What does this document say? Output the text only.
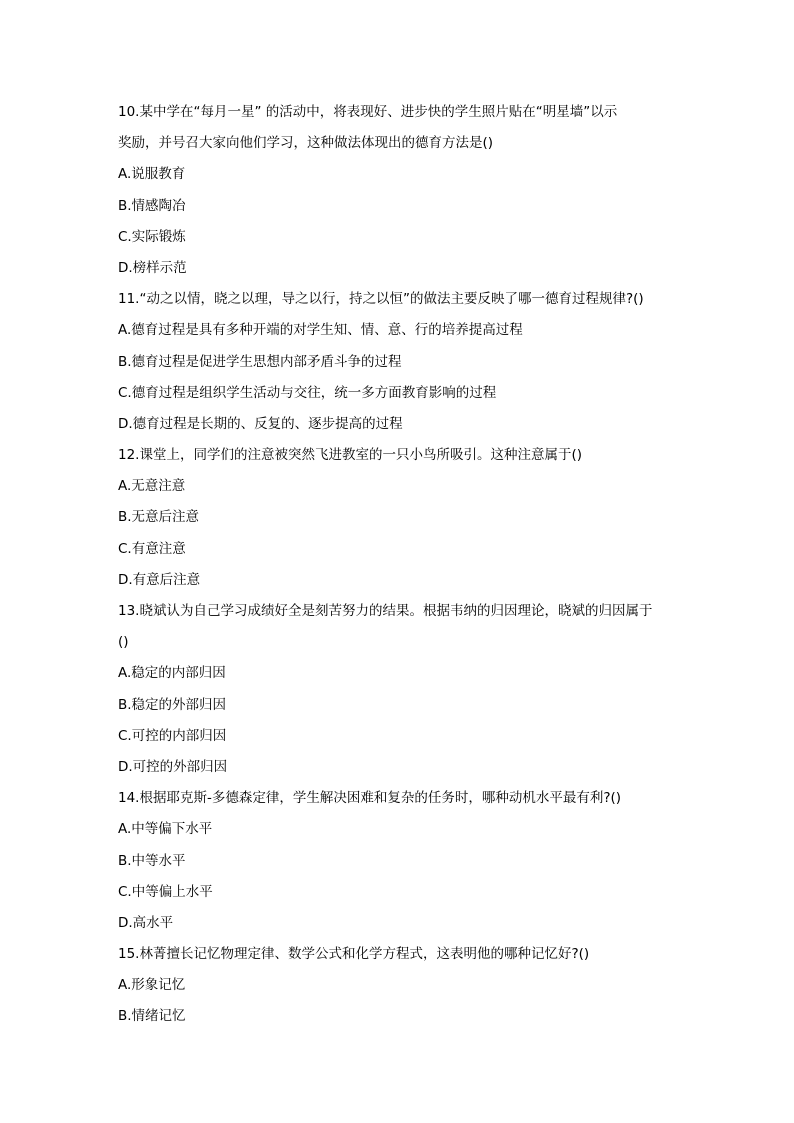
10.某中学在“每月一星” 的活动中，将表现好、进步快的学生照片贴在“明星墙”以示
奖励，并号召大家向他们学习，这种做法体现出的德育方法是()
A.说服教育
B.情感陶冶
C.实际锻炼
D.榜样示范
11.“动之以情，晓之以理，导之以行，持之以恒”的做法主要反映了哪一德育过程规律?()
A.德育过程是具有多种开端的对学生知、情、意、行的培养提高过程
B.德育过程是促进学生思想内部矛盾斗争的过程
C.德育过程是组织学生活动与交往，统一多方面教育影响的过程
D.德育过程是长期的、反复的、逐步提高的过程
12.课堂上，同学们的注意被突然飞进教室的一只小鸟所吸引。这种注意属于()
A.无意注意
B.无意后注意
C.有意注意
D.有意后注意
13.晓斌认为自己学习成绩好全是刻苦努力的结果。根据韦纳的归因理论，晓斌的归因属于
()
A.稳定的内部归因
B.稳定的外部归因
C.可控的内部归因
D.可控的外部归因
14.根据耶克斯-多德森定律，学生解决困难和复杂的任务时，哪种动机水平最有利?()
A.中等偏下水平
B.中等水平
C.中等偏上水平
D.高水平
15.林菁擅长记忆物理定律、数学公式和化学方程式，这表明他的哪种记忆好?()
A.形象记忆
B.情绪记忆
